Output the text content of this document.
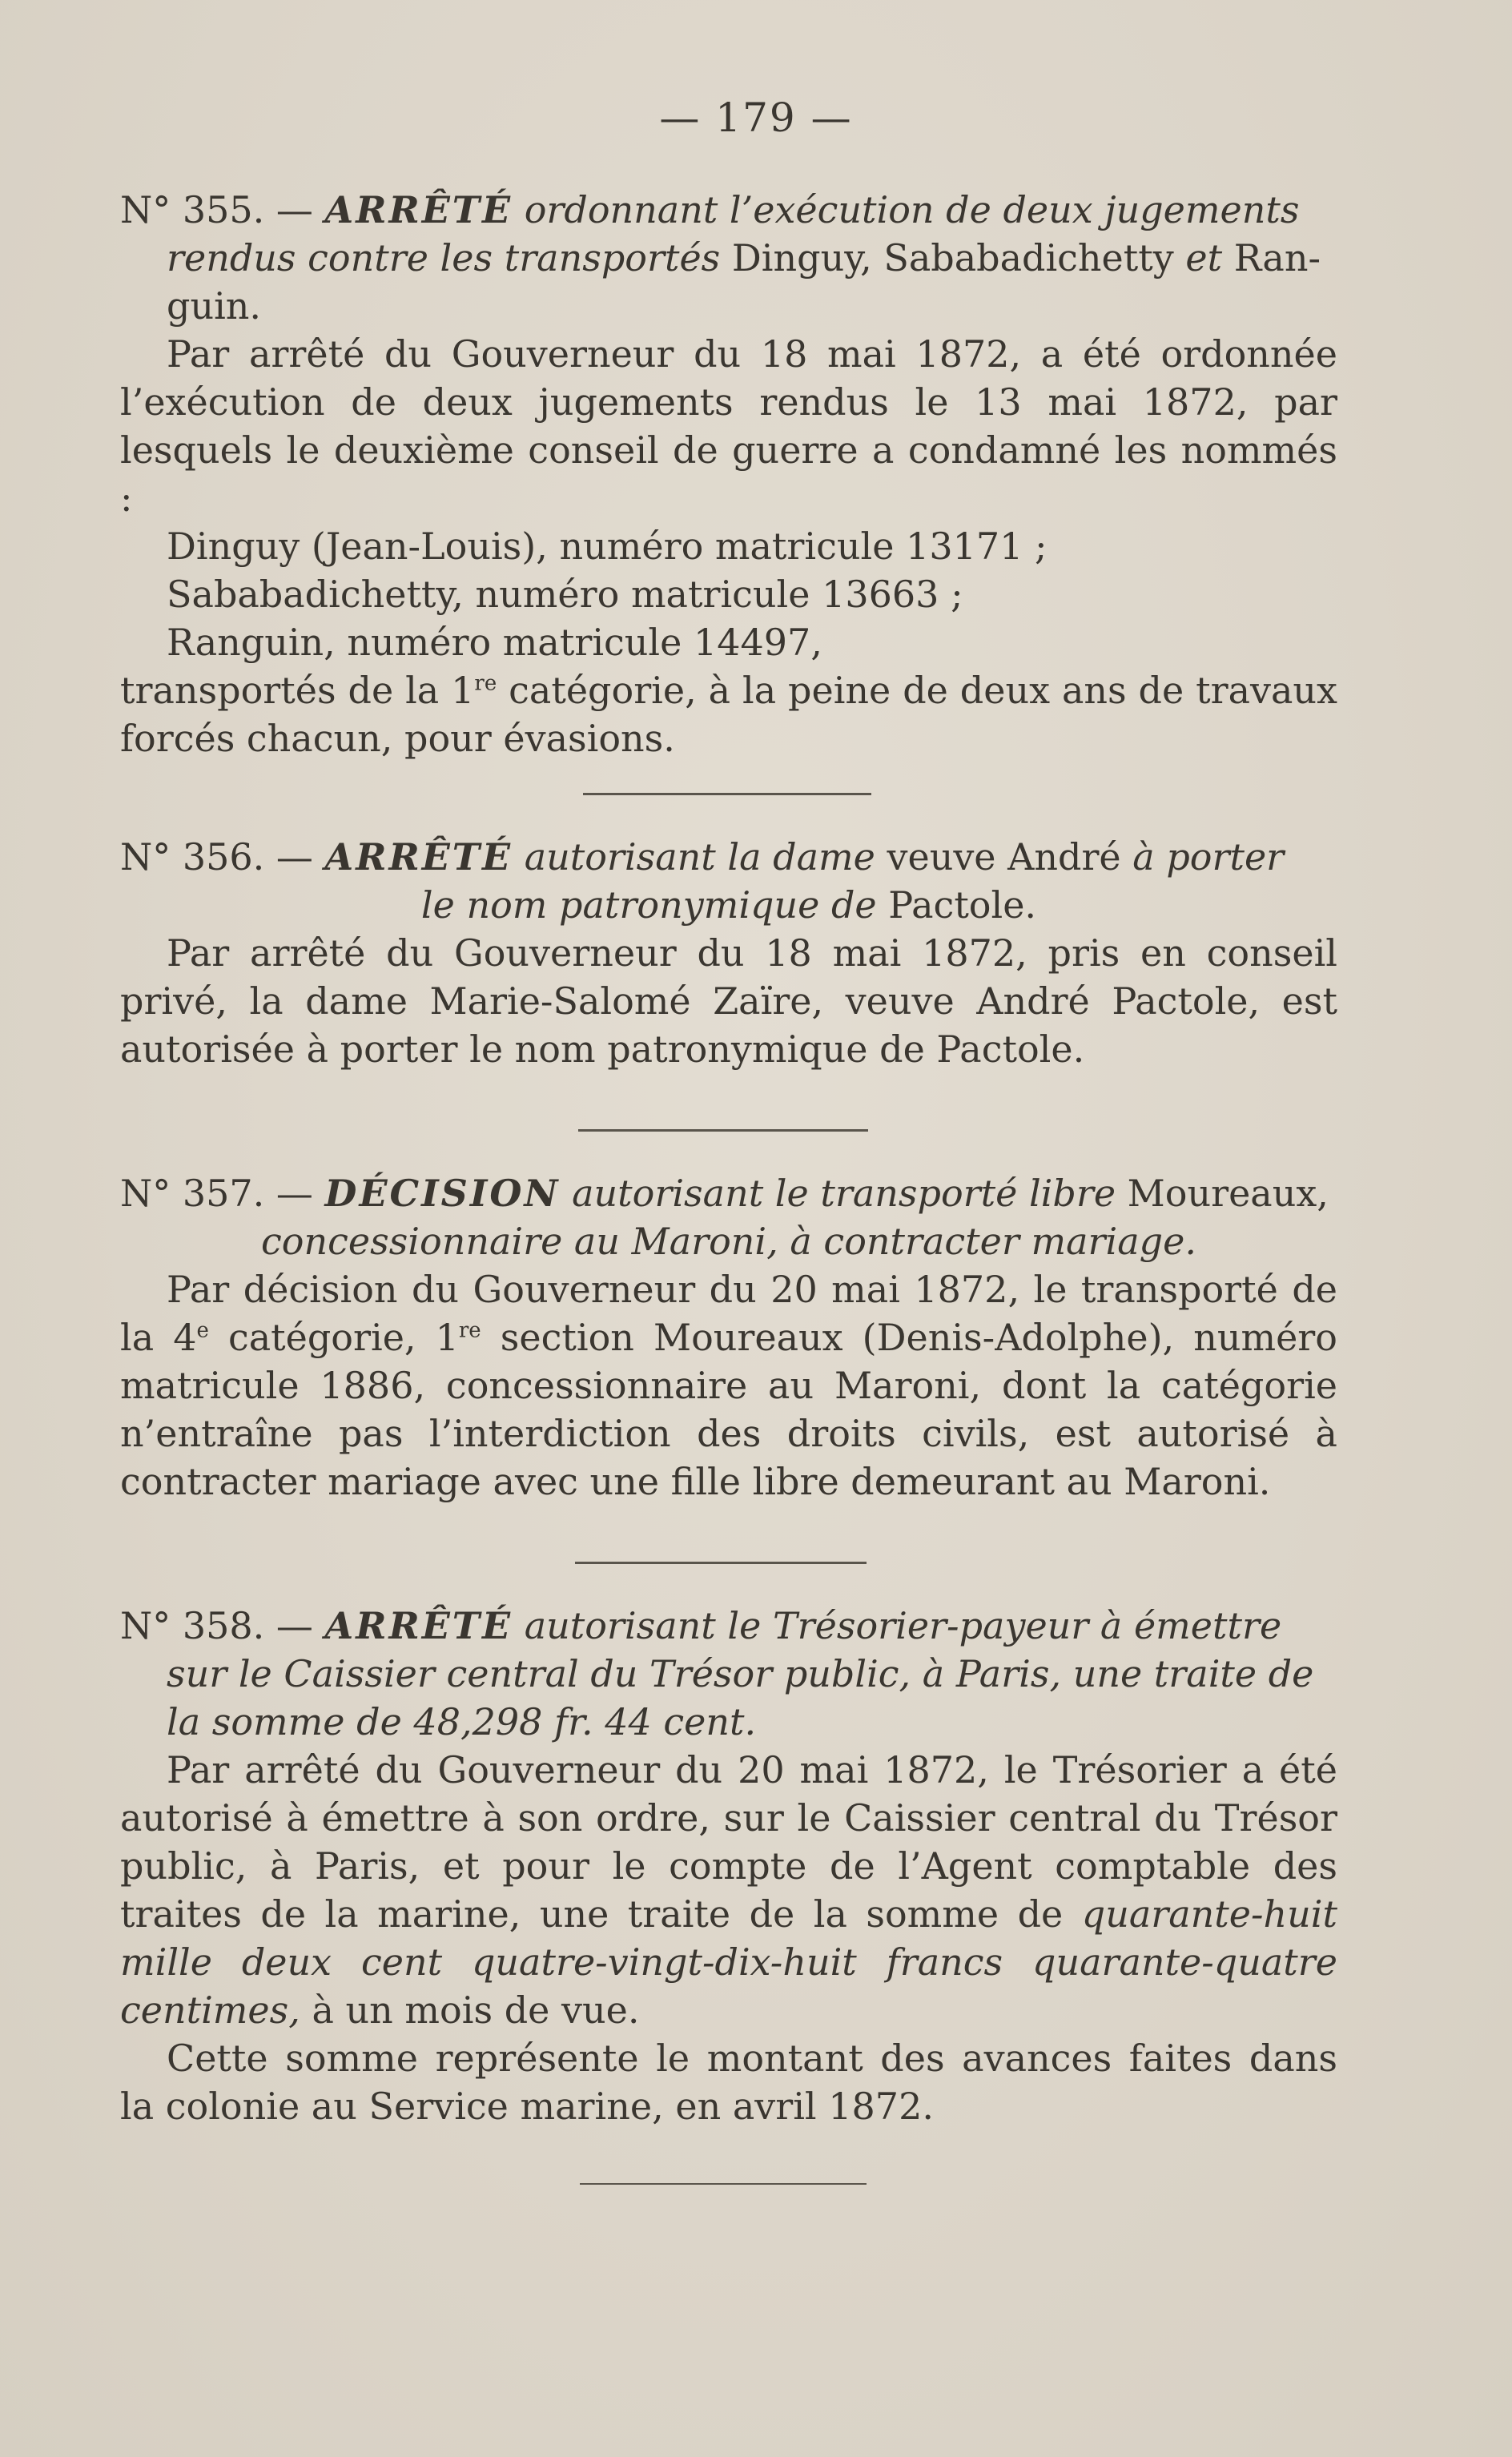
— 179 —
N° 355. — ARRÊTÉ ordonnant l’exécution de deux jugements
rendus contre les transportés Dinguy, Sababadichetty et Ran-
guin.

Par arrêté du Gouverneur du 18 mai 1872, a été ordonnée l’exécution de deux jugements rendus le 13 mai 1872, par lesquels le deuxième conseil de guerre a condamné les nommés :

Dinguy (Jean-Louis), numéro matricule 13171 ;

Sababadichetty, numéro matricule 13663 ;

Ranguin, numéro matricule 14497,

transportés de la 1re catégorie, à la peine de deux ans de travaux forcés chacun, pour évasions.

N° 356. — ARRÊTÉ autorisant la dame veuve André à porter
le nom patronymique de Pactole.

Par arrêté du Gouverneur du 18 mai 1872, pris en conseil privé, la dame Marie-Salomé Zaïre, veuve André Pactole, est autorisée à porter le nom patronymique de Pactole.

N° 357. — DÉCISION autorisant le transporté libre Moureaux,
concessionnaire au Maroni, à contracter mariage.

Par décision du Gouverneur du 20 mai 1872, le transporté de la 4e catégorie, 1re section Moureaux (Denis-Adolphe), numéro matricule 1886, concessionnaire au Maroni, dont la catégorie n’entraîne pas l’interdiction des droits civils, est autorisé à contracter mariage avec une fille libre demeurant au Maroni.

N° 358. — ARRÊTÉ autorisant le Trésorier-payeur à émettre
sur le Caissier central du Trésor public, à Paris, une traite de
la somme de 48,298 fr. 44 cent.

Par arrêté du Gouverneur du 20 mai 1872, le Trésorier a été autorisé à émettre à son ordre, sur le Caissier central du Trésor public, à Paris, et pour le compte de l’Agent comptable des traites de la marine, une traite de la somme de quarante-huit mille deux cent quatre-vingt-dix-huit francs quarante-quatre centimes, à un mois de vue.

Cette somme représente le montant des avances faites dans la colonie au Service marine, en avril 1872.
